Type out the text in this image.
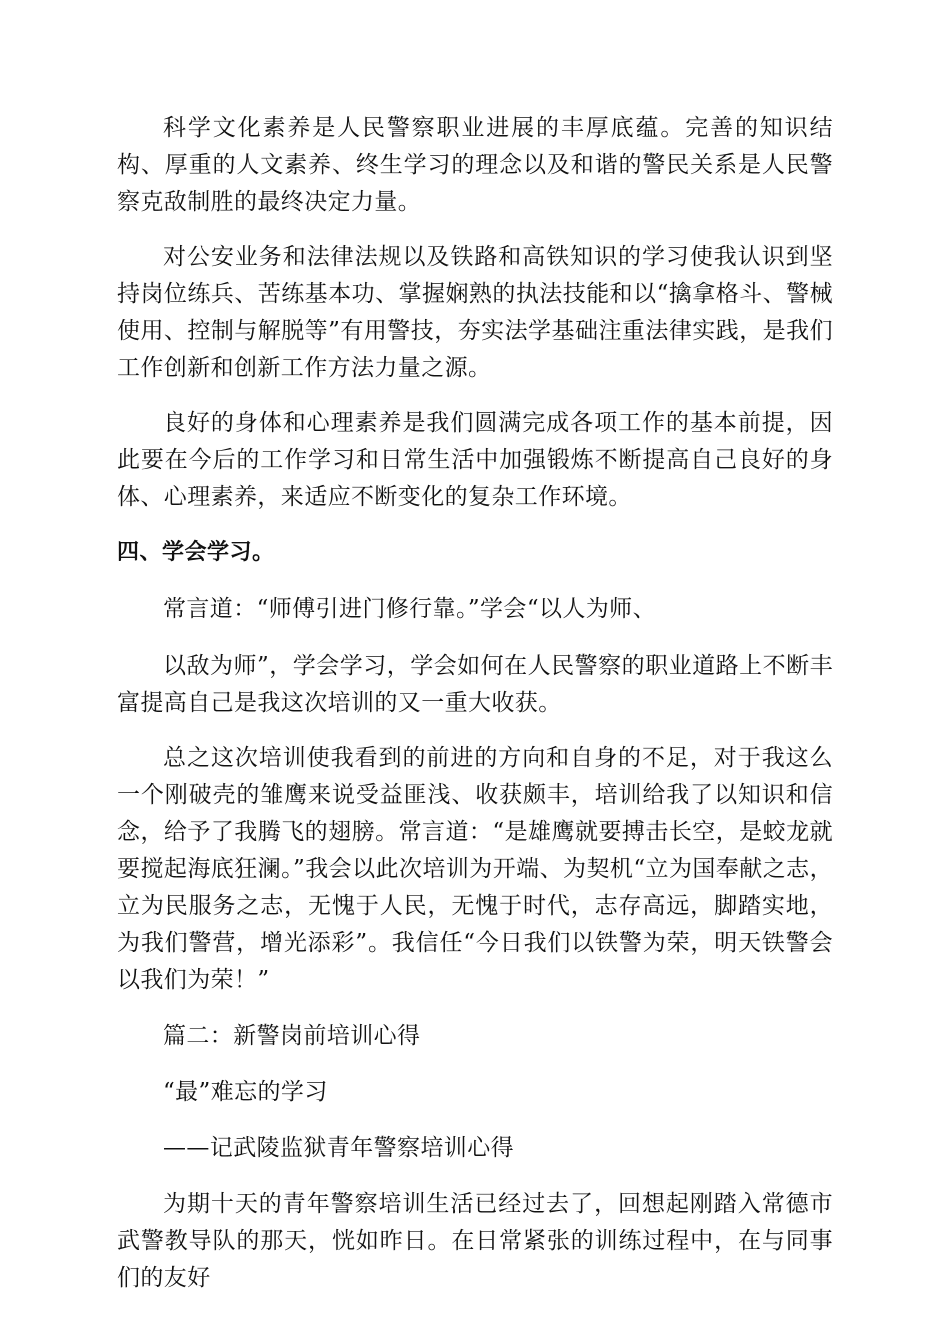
科学文化素养是人民警察职业进展的丰厚底蕴。完善的知识结构、厚重的人文素养、终生学习的理念以及和谐的警民关系是人民警察克敌制胜的最终决定力量。

对公安业务和法律法规以及铁路和高铁知识的学习使我认识到坚持岗位练兵、苦练基本功、掌握娴熟的执法技能和以“擒拿格斗、警械使用、控制与解脱等”有用警技，夯实法学基础注重法律实践，是我们工作创新和创新工作方法力量之源。

良好的身体和心理素养是我们圆满完成各项工作的基本前提，因此要在今后的工作学习和日常生活中加强锻炼不断提高自己良好的身体、心理素养，来适应不断变化的复杂工作环境。

四、学会学习。

常言道：“师傅引进门修行靠。”学会“以人为师、

以敌为师”，学会学习，学会如何在人民警察的职业道路上不断丰富提高自己是我这次培训的又一重大收获。

总之这次培训使我看到的前进的方向和自身的不足，对于我这么一个刚破壳的雏鹰来说受益匪浅、收获颇丰，培训给我了以知识和信念，给予了我腾飞的翅膀。常言道：“是雄鹰就要搏击长空，是蛟龙就要搅起海底狂澜。”我会以此次培训为开端、为契机“立为国奉献之志，立为民服务之志，无愧于人民，无愧于时代，志存高远，脚踏实地，为我们警营，增光添彩”。我信任“今日我们以铁警为荣，明天铁警会以我们为荣！”

篇二：新警岗前培训心得

“最”难忘的学习

——记武陵监狱青年警察培训心得

为期十天的青年警察培训生活已经过去了，回想起刚踏入常德市武警教导队的那天，恍如昨日。在日常紧张的训练过程中，在与同事们的友好
